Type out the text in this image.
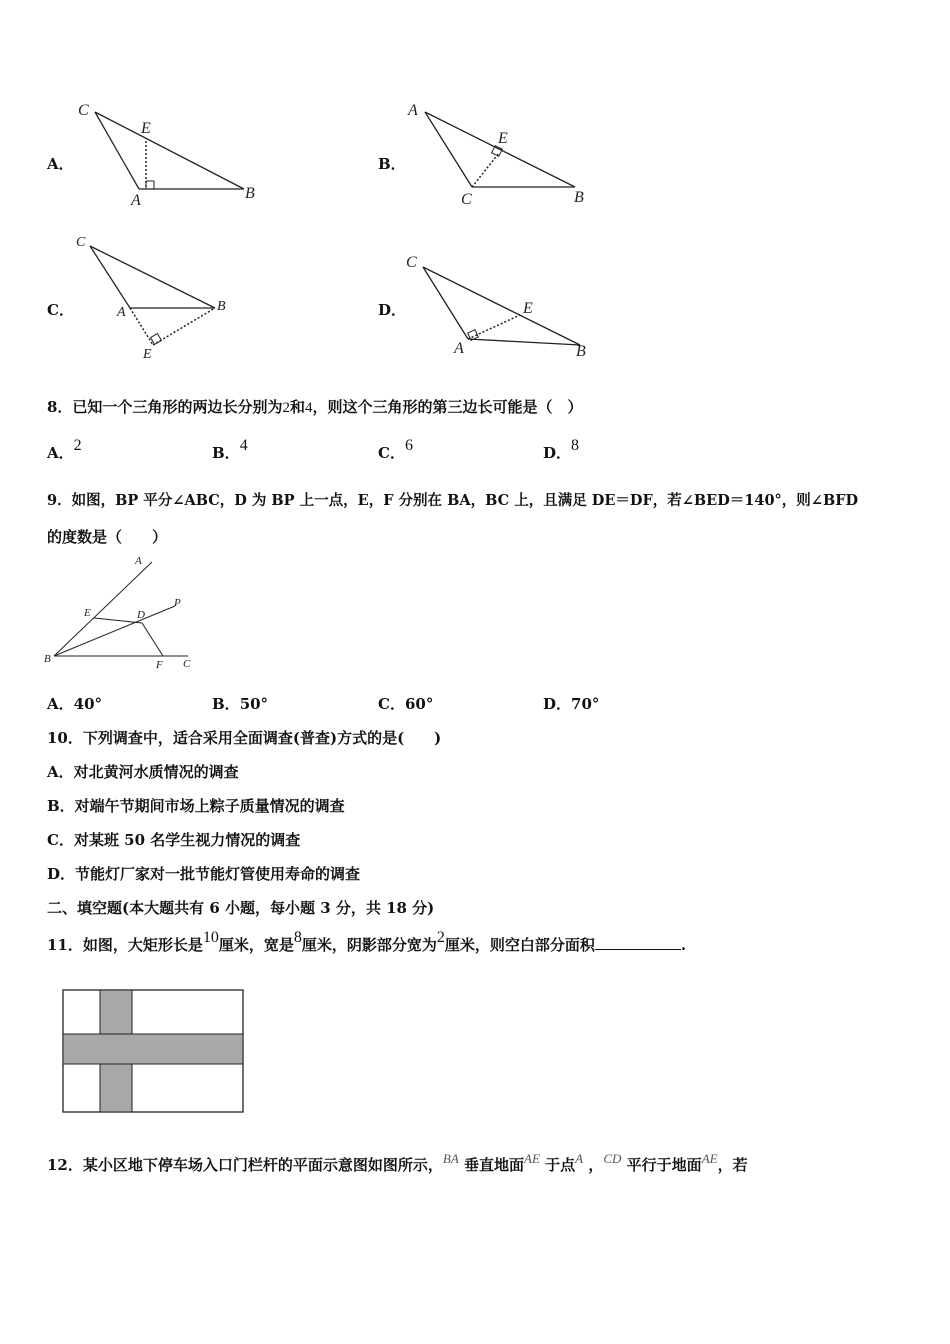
A．
C
E
A	B
B．
A
E
C	B
C．
C
A	B
E
D．
C
E
A	B
8．已知一个三角形的两边长分别为2和4，则这个三角形的第三边长可能是（　）
A．2	B．4	C．6	D．8
9．如图，BP 平分∠ABC，D 为 BP 上一点，E，F 分别在 BA，BC 上，且满足 DE＝DF，若∠BED＝140°，则∠BFD
的度数是（　　）
A
E	D
P
B	F C
A．40°	B．50°	C．60°	D．70°
10．下列调查中，适合采用全面调查(普查)方式的是(　　)
A．对北黄河水质情况的调查
B．对端午节期间市场上粽子质量情况的调查
C．对某班 50 名学生视力情况的调查
D．节能灯厂家对一批节能灯管使用寿命的调查
二、填空题(本大题共有 6 小题，每小题 3 分，共 18 分)
11．如图，大矩形长是10厘米，宽是8厘米，阴影部分宽为2厘米，则空白部分面积	.
12．某小区地下停车场入口门栏杆的平面示意图如图所示，BA 垂直地面AE 于点A ，CD 平行于地面AE，若
